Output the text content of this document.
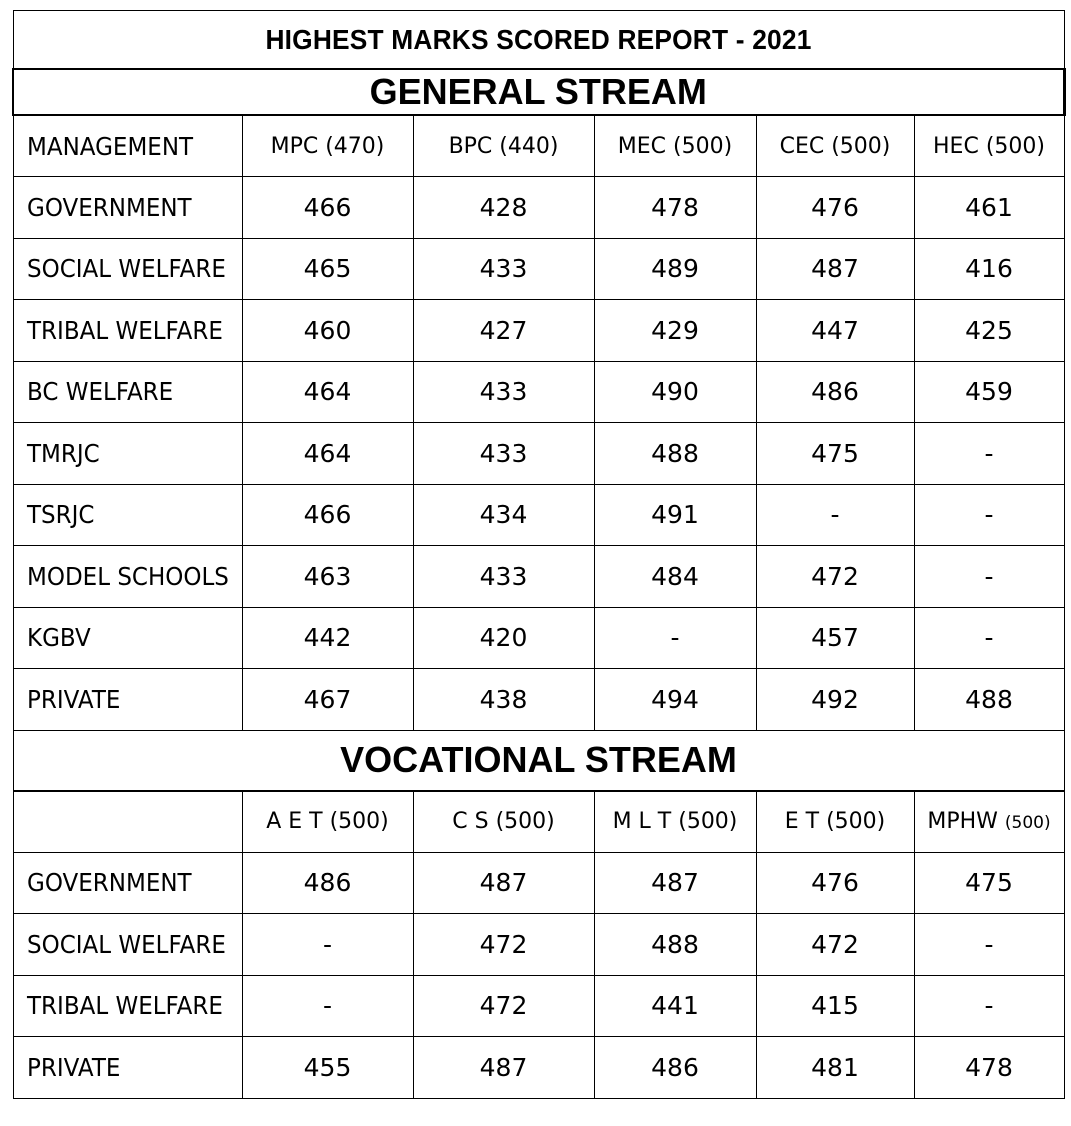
HIGHEST MARKS SCORED REPORT - 2021					
GENERAL STREAM					
MANAGEMENT	MPC (470)	BPC (440)	MEC (500)	CEC (500)	HEC (500)
GOVERNMENT	466	428	478	476	461
SOCIAL WELFARE	465	433	489	487	416
TRIBAL WELFARE	460	427	429	447	425
BC WELFARE	464	433	490	486	459
TMRJC	464	433	488	475	-
TSRJC	466	434	491	-	-
MODEL SCHOOLS	463	433	484	472	-
KGBV	442	420	-	457	-
PRIVATE	467	438	494	492	488
VOCATIONAL STREAM					
	A E T (500)	C S (500)	M L T (500)	E T (500)	MPHW (500)
GOVERNMENT	486	487	487	476	475
SOCIAL WELFARE	-	472	488	472	-
TRIBAL WELFARE	-	472	441	415	-
PRIVATE	455	487	486	481	478
